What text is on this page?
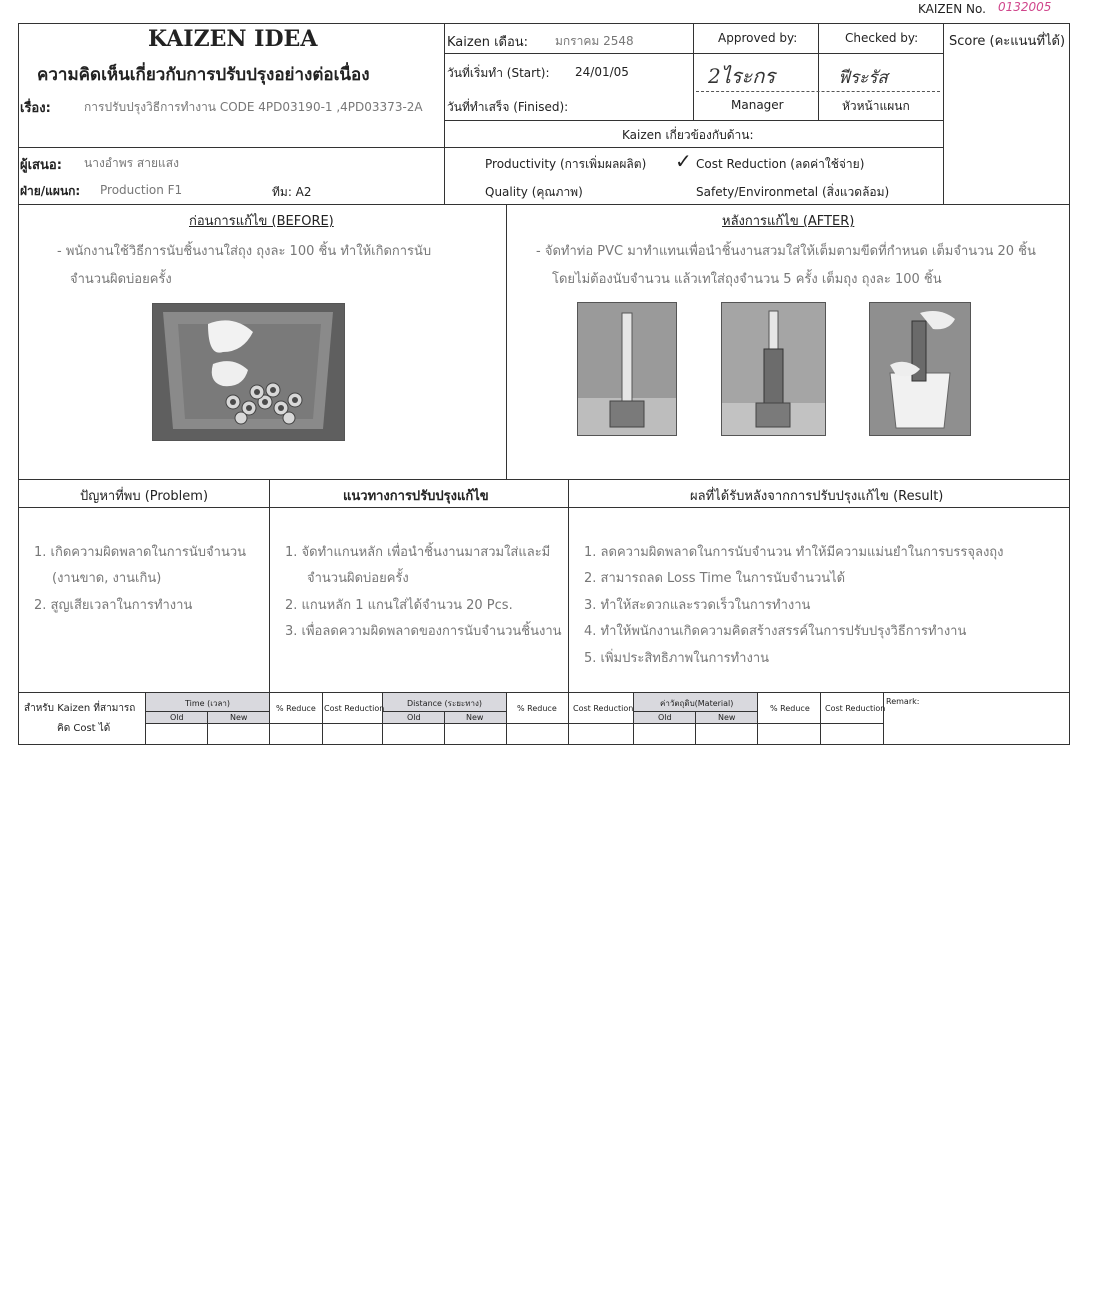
KAIZEN No. 0132005
KAIZEN IDEA
ความคิดเห็นเกี่ยวกับการปรับปรุงอย่างต่อเนื่อง
เรื่อง:	การปรับปรุงวิธีการทำงาน CODE 4PD03190-1 ,4PD03373-2A
Kaizen เดือน: มกราคม 2548
วันที่เริ่มทำ (Start): 24/01/05
วันที่ทำเสร็จ (Finised):
Approved by:
2ไระกร
Manager
Checked by:
ฟีระรัส
หัวหน้าแผนก
Score (คะแนนที่ได้)
Kaizen เกี่ยวข้องกับด้าน:
ผู้เสนอ: นางอำพร สายแสง
ฝ่าย/แผนก: Production F1	ทีม: A2
Productivity (การเพิ่มผลผลิต) ✓ Cost Reduction (ลดค่าใช้จ่าย)
Quality (คุณภาพ)	Safety/Environmetal (สิ่งแวดล้อม)
ก่อนการแก้ไข (BEFORE)
- พนักงานใช้วิธีการนับชิ้นงานใส่ถุง ถุงละ 100 ชิ้น ทำให้เกิดการนับ
จำนวนผิดบ่อยครั้ง
หลังการแก้ไข (AFTER)
- จัดทำท่อ PVC มาทำแทนเพื่อนำชิ้นงานสวมใส่ให้เต็มตามขีดที่กำหนด เต็มจำนวน 20 ชิ้น
โดยไม่ต้องนับจำนวน แล้วเทใส่ถุงจำนวน 5 ครั้ง เต็มถุง ถุงละ 100 ชิ้น
ปัญหาที่พบ (Problem)	แนวทางการปรับปรุงแก้ไข	ผลที่ได้รับหลังจากการปรับปรุงแก้ไข (Result)
1. เกิดความผิดพลาดในการนับจำนวน
(งานขาด, งานเกิน)
2. สูญเสียเวลาในการทำงาน
1. จัดทำแกนหลัก เพื่อนำชิ้นงานมาสวมใส่และมี
จำนวนผิดบ่อยครั้ง
2. แกนหลัก 1 แกนใส่ได้จำนวน 20 Pcs.
3. เพื่อลดความผิดพลาดของการนับจำนวนชิ้นงาน
1. ลดความผิดพลาดในการนับจำนวน ทำให้มีความแม่นยำในการบรรจุลงถุง
2. สามารถลด Loss Time ในการนับจำนวนได้
3. ทำให้สะดวกและรวดเร็วในการทำงาน
4. ทำให้พนักงานเกิดความคิดสร้างสรรค์ในการปรับปรุงวิธีการทำงาน
5. เพิ่มประสิทธิภาพในการทำงาน
สำหรับ Kaizen ที่สามารถ
คิด Cost ได้
Time (เวลา)
Old	New
% Reduce Cost Reduction
Distance (ระยะทาง)
Old	New
% Reduce Cost Reduction
ค่าวัตถุดิบ(Material)
Old	New
% Reduce Cost Reduction
Remark:
